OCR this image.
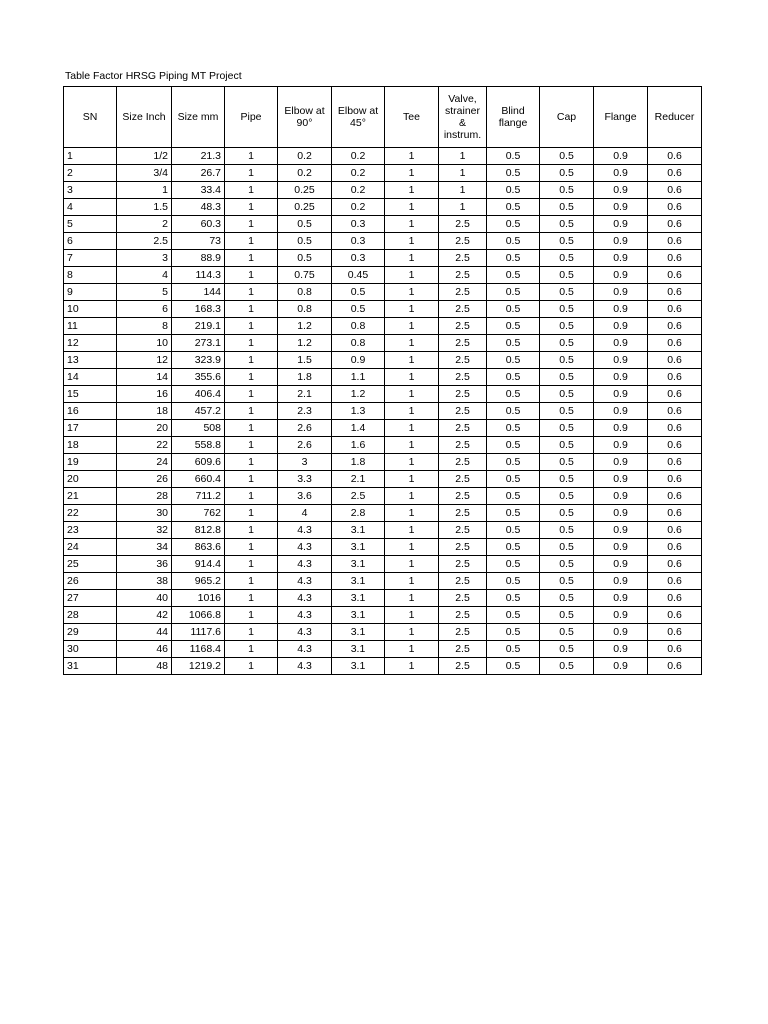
Table Factor HRSG Piping MT Project
SN	Size Inch	Size mm	Pipe	Elbow at 90°	Elbow at 45°	Tee	Valve, strainer & instrum.	Blind flange	Cap	Flange	Reducer
1	1/2	21.3	1	0.2	0.2	1	1	0.5	0.5	0.9	0.6
2	3/4	26.7	1	0.2	0.2	1	1	0.5	0.5	0.9	0.6
3	1	33.4	1	0.25	0.2	1	1	0.5	0.5	0.9	0.6
4	1.5	48.3	1	0.25	0.2	1	1	0.5	0.5	0.9	0.6
5	2	60.3	1	0.5	0.3	1	2.5	0.5	0.5	0.9	0.6
6	2.5	73	1	0.5	0.3	1	2.5	0.5	0.5	0.9	0.6
7	3	88.9	1	0.5	0.3	1	2.5	0.5	0.5	0.9	0.6
8	4	114.3	1	0.75	0.45	1	2.5	0.5	0.5	0.9	0.6
9	5	144	1	0.8	0.5	1	2.5	0.5	0.5	0.9	0.6
10	6	168.3	1	0.8	0.5	1	2.5	0.5	0.5	0.9	0.6
11	8	219.1	1	1.2	0.8	1	2.5	0.5	0.5	0.9	0.6
12	10	273.1	1	1.2	0.8	1	2.5	0.5	0.5	0.9	0.6
13	12	323.9	1	1.5	0.9	1	2.5	0.5	0.5	0.9	0.6
14	14	355.6	1	1.8	1.1	1	2.5	0.5	0.5	0.9	0.6
15	16	406.4	1	2.1	1.2	1	2.5	0.5	0.5	0.9	0.6
16	18	457.2	1	2.3	1.3	1	2.5	0.5	0.5	0.9	0.6
17	20	508	1	2.6	1.4	1	2.5	0.5	0.5	0.9	0.6
18	22	558.8	1	2.6	1.6	1	2.5	0.5	0.5	0.9	0.6
19	24	609.6	1	3	1.8	1	2.5	0.5	0.5	0.9	0.6
20	26	660.4	1	3.3	2.1	1	2.5	0.5	0.5	0.9	0.6
21	28	711.2	1	3.6	2.5	1	2.5	0.5	0.5	0.9	0.6
22	30	762	1	4	2.8	1	2.5	0.5	0.5	0.9	0.6
23	32	812.8	1	4.3	3.1	1	2.5	0.5	0.5	0.9	0.6
24	34	863.6	1	4.3	3.1	1	2.5	0.5	0.5	0.9	0.6
25	36	914.4	1	4.3	3.1	1	2.5	0.5	0.5	0.9	0.6
26	38	965.2	1	4.3	3.1	1	2.5	0.5	0.5	0.9	0.6
27	40	1016	1	4.3	3.1	1	2.5	0.5	0.5	0.9	0.6
28	42	1066.8	1	4.3	3.1	1	2.5	0.5	0.5	0.9	0.6
29	44	1117.6	1	4.3	3.1	1	2.5	0.5	0.5	0.9	0.6
30	46	1168.4	1	4.3	3.1	1	2.5	0.5	0.5	0.9	0.6
31	48	1219.2	1	4.3	3.1	1	2.5	0.5	0.5	0.9	0.6
